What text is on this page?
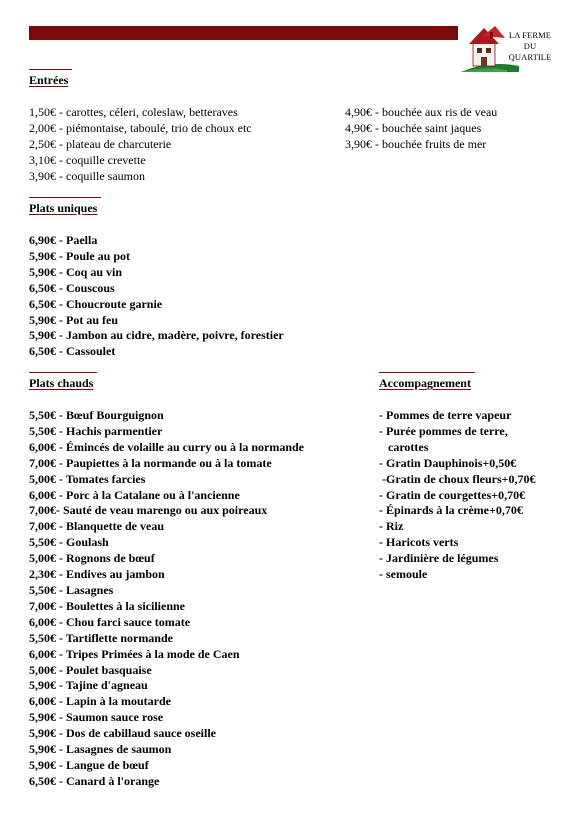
LA FERME
DU
QUARTILE
Entrées
1,50€ - carottes, céleri, coleslaw, betteraves
2,00€ - piémontaise, taboulé, trio de choux etc
2,50€ - plateau de charcuterie
3,10€ - coquille crevette
3,90€ - coquille saumon
4,90€ - bouchée aux ris de veau
4,90€ - bouchée saint jaques
3,90€ - bouchée fruits de mer
Plats uniques
6,90€ - Paella
5,90€ - Poule au pot
5,90€ - Coq au vin
6,50€ - Couscous
6,50€ - Choucroute garnie
5,90€ - Pot au feu
5,90€ - Jambon au cidre, madère, poivre, forestier
6,50€ - Cassoulet
Plats chauds
5,50€ - Bœuf Bourguignon
5,50€ - Hachis parmentier
6,00€ - Émincés de volaille au curry ou à la normande
7,00€ - Paupiettes à la normande ou à la tomate
5,00€ - Tomates farcies
6,00€ - Porc à la Catalane ou à l'ancienne
7,00€- Sauté de veau marengo ou aux poireaux
7,00€ - Blanquette de veau
5,50€ - Goulash
5,00€ - Rognons de bœuf
2,30€ - Endives au jambon
5,50€ - Lasagnes
7,00€ - Boulettes à la sicilienne
6,00€ - Chou farci sauce tomate
5,50€ - Tartiflette normande
6,00€ - Tripes Primées à la mode de Caen
5,00€ - Poulet basquaise
5,90€ - Tajine d'agneau
6,00€ - Lapin à la moutarde
5,90€ - Saumon sauce rose
5,90€ - Dos de cabillaud sauce oseille
5,90€ - Lasagnes de saumon
5,90€ - Langue de bœuf
6,50€ - Canard à l'orange
Accompagnement
- Pommes de terre vapeur
- Purée pommes de terre,
carottes
- Gratin Dauphinois+0,50€
-Gratin de choux fleurs+0,70€
- Gratin de courgettes+0,70€
- Épinards à la crème+0,70€
- Riz
- Haricots verts
- Jardinière de légumes
- semoule
